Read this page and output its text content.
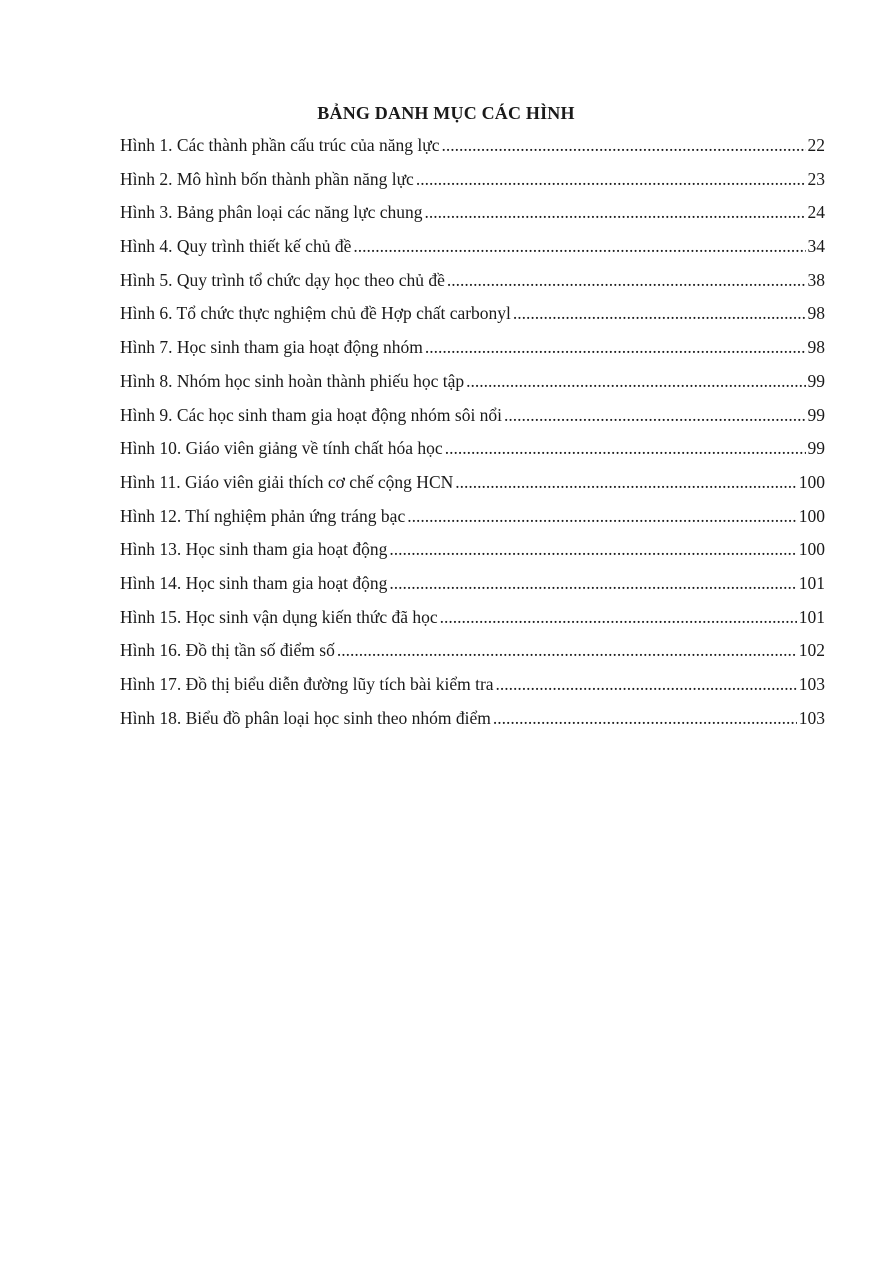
BẢNG DANH MỤC CÁC HÌNH
Hình 1. Các thành phần cấu trúc của năng lực .....	22
Hình 2. Mô hình bốn thành phần năng lực .....	23
Hình 3. Bảng phân loại các năng lực chung .....	24
Hình 4. Quy trình thiết kế chủ đề .....	34
Hình 5. Quy trình tổ chức dạy học theo chủ đề .....	38
Hình 6. Tổ chức thực nghiệm chủ đề Hợp chất carbonyl .....	98
Hình 7. Học sinh tham gia hoạt động nhóm .....	98
Hình 8. Nhóm học sinh hoàn thành phiếu học tập .....	99
Hình 9. Các học sinh tham gia hoạt động nhóm sôi nổi .....	99
Hình 10. Giáo viên giảng về tính chất hóa học .....	99
Hình 11. Giáo viên giải thích cơ chế cộng HCN .....	100
Hình 12. Thí nghiệm phản ứng tráng bạc .....	100
Hình 13. Học sinh tham gia hoạt động .....	100
Hình 14. Học sinh tham gia hoạt động .....	101
Hình 15. Học sinh vận dụng kiến thức đã học .....	101
Hình 16. Đồ thị tần số điểm số .....	102
Hình 17. Đồ thị biểu diễn đường lũy tích bài kiểm tra .....	103
Hình 18. Biểu đồ phân loại học sinh theo nhóm điểm .....	103
